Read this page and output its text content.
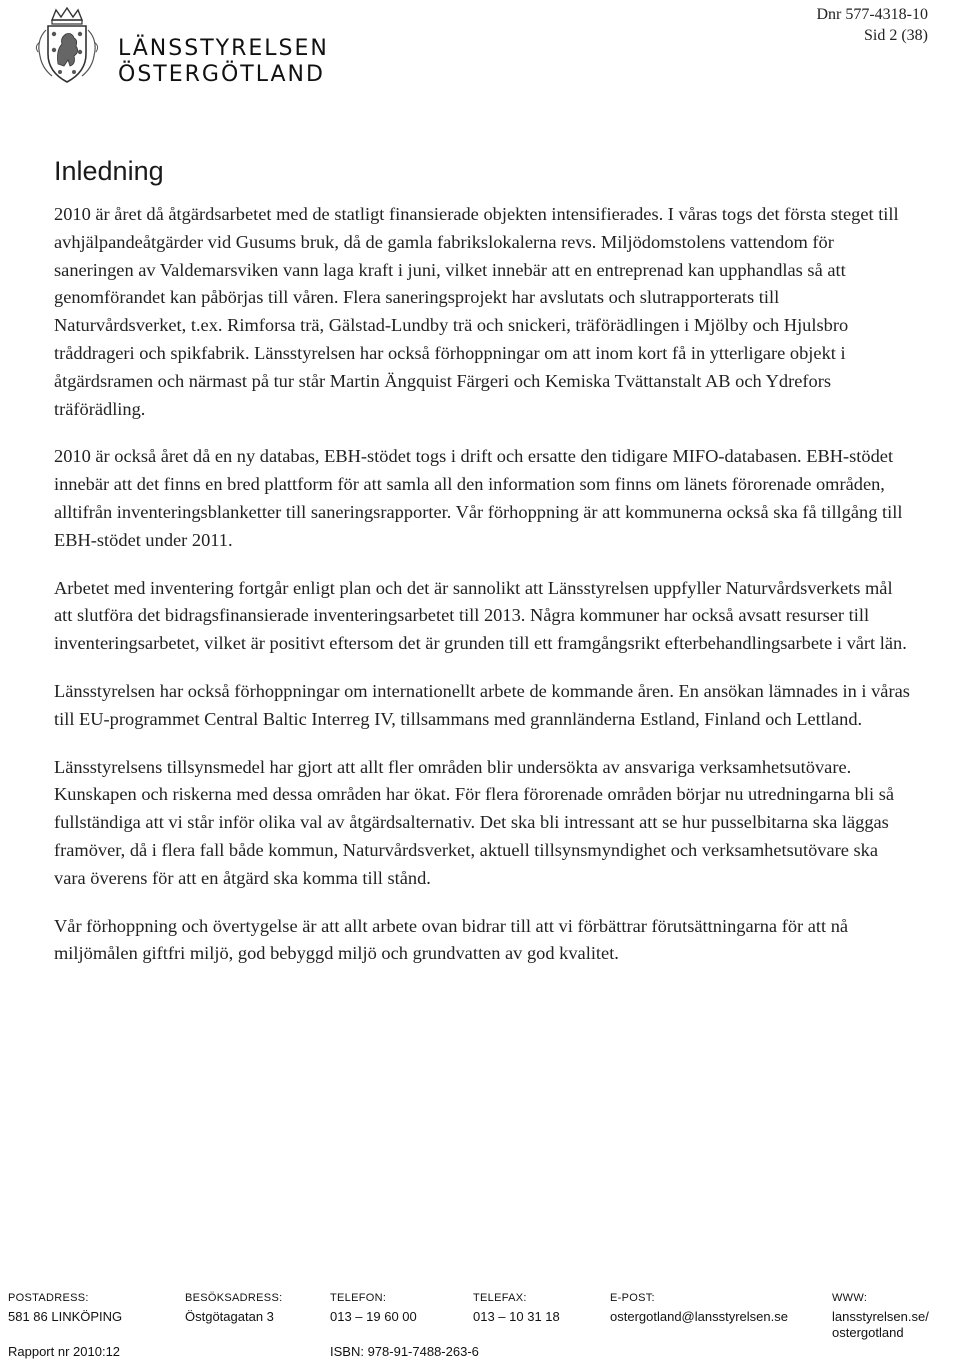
LÄNSSTYRELSEN
ÖSTERGÖTLAND
Dnr 577-4318-10
Sid 2 (38)
Inledning

2010 är året då åtgärdsarbetet med de statligt finansierade objekten intensifierades. I våras togs det första steget till avhjälpandeåtgärder vid Gusums bruk, då de gamla fabrikslokalerna revs. Miljödomstolens vattendom för saneringen av Valdemarsviken vann laga kraft i juni, vilket innebär att en entreprenad kan upphandlas så att genomförandet kan påbörjas till våren. Flera saneringsprojekt har avslutats och slutrapporterats till Naturvårdsverket, t.ex. Rimforsa trä, Gälstad-Lundby trä och snickeri, träförädlingen i Mjölby och Hjulsbro tråddrageri och spikfabrik. Länsstyrelsen har också förhoppningar om att inom kort få in ytterligare objekt i åtgärdsramen och närmast på tur står Martin Ängquist Färgeri och Kemiska Tvättanstalt AB och Ydrefors träförädling.

2010 är också året då en ny databas, EBH-stödet togs i drift och ersatte den tidigare MIFO-databasen. EBH-stödet innebär att det finns en bred plattform för att samla all den information som finns om länets förorenade områden, alltifrån inventeringsblanketter till saneringsrapporter. Vår förhoppning är att kommunerna också ska få tillgång till EBH-stödet under 2011.

Arbetet med inventering fortgår enligt plan och det är sannolikt att Länsstyrelsen uppfyller Naturvårdsverkets mål att slutföra det bidragsfinansierade inventeringsarbetet till 2013. Några kommuner har också avsatt resurser till inventeringsarbetet, vilket är positivt eftersom det är grunden till ett framgångsrikt efterbehandlingsarbete i vårt län.

Länsstyrelsen har också förhoppningar om internationellt arbete de kommande åren. En ansökan lämnades in i våras till EU-programmet Central Baltic Interreg IV, tillsammans med grannländerna Estland, Finland och Lettland.

Länsstyrelsens tillsynsmedel har gjort att allt fler områden blir undersökta av ansvariga verksamhetsutövare. Kunskapen och riskerna med dessa områden har ökat. För flera förorenade områden börjar nu utredningarna bli så fullständiga att vi står inför olika val av åtgärdsalternativ. Det ska bli intressant att se hur pusselbitarna ska läggas framöver, då i flera fall både kommun, Naturvårdsverket, aktuell tillsynsmyndighet och verksamhetsutövare ska vara överens för att en åtgärd ska komma till stånd.

Vår förhoppning och övertygelse är att allt arbete ovan bidrar till att vi förbättrar förutsättningarna för att nå miljömålen giftfri miljö, god bebyggd miljö och grundvatten av god kvalitet.

POSTADRESS:
581 86 LINKÖPING
BESÖKSADRESS:
Östgötagatan 3
TELEFON:
013 – 19 60 00
TELEFAX:
013 – 10 31 18
E-POST:
ostergotland@lansstyrelsen.se
WWW:
lansstyrelsen.se/
ostergotland
Rapport nr 2010:12	ISBN: 978-91-7488-263-6
